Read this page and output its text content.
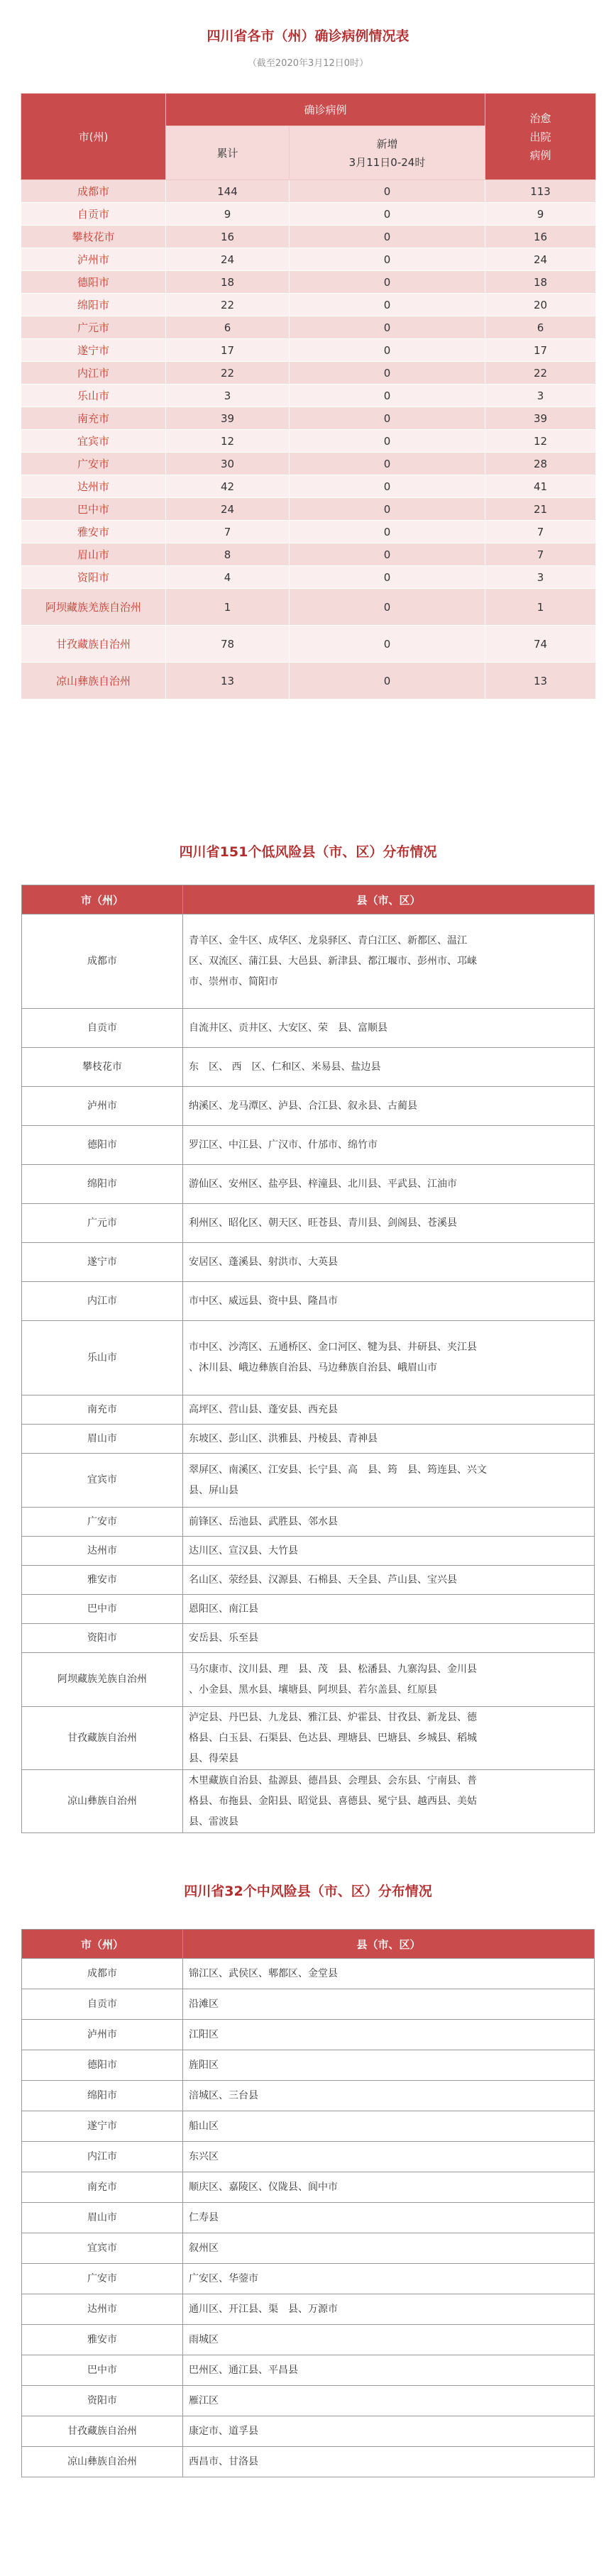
四川省各市（州）确诊病例情况表
（截至2020年3月12日0时）
市(州)	确诊病例		治愈
出院
病例
	累计	新增
3月11日0-24时	
成都市	144	0	113
自贡市	9	0	9
攀枝花市	16	0	16
泸州市	24	0	24
德阳市	18	0	18
绵阳市	22	0	20
广元市	6	0	6
遂宁市	17	0	17
内江市	22	0	22
乐山市	3	0	3
南充市	39	0	39
宜宾市	12	0	12
广安市	30	0	28
达州市	42	0	41
巴中市	24	0	21
雅安市	7	0	7
眉山市	8	0	7
资阳市	4	0	3
阿坝藏族羌族自治州	1	0	1
甘孜藏族自治州	78	0	74
凉山彝族自治州	13	0	13
四川省151个低风险县（市、区）分布情况
市（州）	县（市、区）
成都市	青羊区、金牛区、成华区、龙泉驿区、青白江区、新都区、温江
区、双流区、蒲江县、大邑县、新津县、都江堰市、彭州市、邛崃
市、崇州市、简阳市

自贡市	自流井区、贡井区、大安区、荣　县、富顺县

攀枝花市	东　区、 西　区、仁和区、米易县、盐边县

泸州市	纳溪区、龙马潭区、泸县、合江县、叙永县、古蔺县

德阳市	罗江区、中江县、广汉市、什邡市、绵竹市

绵阳市	游仙区、安州区、盐亭县、梓潼县、北川县、平武县、江油市

广元市	利州区、昭化区、朝天区、旺苍县、青川县、剑阁县、苍溪县

遂宁市	安居区、蓬溪县、射洪市、大英县

内江市	市中区、威远县、资中县、隆昌市

乐山市	市中区、沙湾区、五通桥区、金口河区、犍为县、井研县、夹江县
、沐川县、峨边彝族自治县、马边彝族自治县、峨眉山市

南充市	高坪区、营山县、蓬安县、西充县

眉山市	东坡区、彭山区、洪雅县、丹棱县、青神县

宜宾市	翠屏区、南溪区、江安县、长宁县、高　县、筠　县、筠连县、兴文
县、屏山县

广安市	前锋区、岳池县、武胜县、邻水县

达州市	达川区、宣汉县、大竹县

雅安市	名山区、荥经县、汉源县、石棉县、天全县、芦山县、宝兴县

巴中市	恩阳区、南江县

资阳市	安岳县、乐至县

阿坝藏族羌族自治州	马尔康市、汶川县、理　县、茂　县、松潘县、九寨沟县、金川县
、小金县、黑水县、壤塘县、阿坝县、若尔盖县、红原县

甘孜藏族自治州	泸定县、丹巴县、九龙县、雅江县、炉霍县、甘孜县、新龙县、德
格县、白玉县、石渠县、色达县、理塘县、巴塘县、乡城县、稻城
县、得荣县

凉山彝族自治州	木里藏族自治县、盐源县、德昌县、会理县、会东县、宁南县、普
格县、布拖县、金阳县、昭觉县、喜德县、冕宁县、越西县、美姑
县、雷波县
四川省32个中风险县（市、区）分布情况
市（州）	县（市、区）
成都市	锦江区、武侯区、郫都区、金堂县

自贡市	沿滩区

泸州市	江阳区

德阳市	旌阳区

绵阳市	涪城区、三台县

遂宁市	船山区

内江市	东兴区

南充市	顺庆区、嘉陵区、仪陇县、阆中市

眉山市	仁寿县

宜宾市	叙州区

广安市	广安区、华蓥市

达州市	通川区、开江县、渠　县、万源市

雅安市	雨城区

巴中市	巴州区、通江县、平昌县

资阳市	雁江区

甘孜藏族自治州	康定市、道孚县

凉山彝族自治州	西昌市、甘洛县
